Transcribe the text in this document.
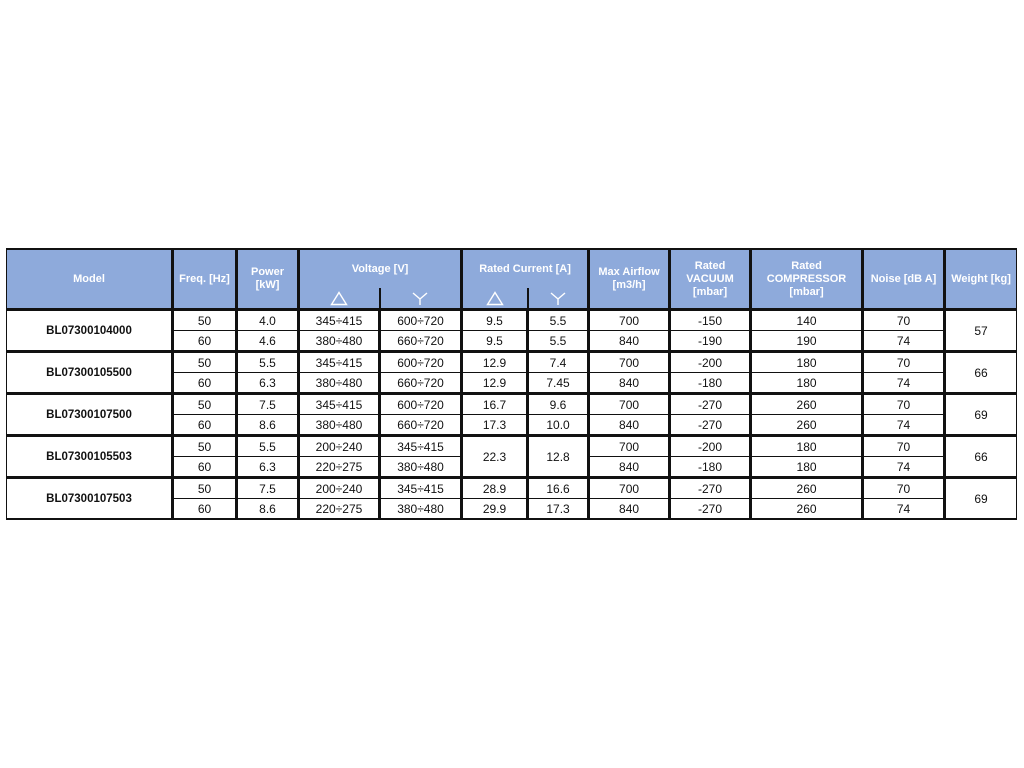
Model	Freq. [Hz]	Power [kW]	Voltage [V]		Rated Current [A]		Max Airflow [m3/h]	Rated VACUUM [mbar]	Rated COMPRESSOR [mbar]	Noise [dB A]	Weight [kg]

BL07300104000	50	4.0	345÷415	600÷720	9.5	5.5	700	-150	140	70	57
	60	4.6	380÷480	660÷720	9.5	5.5	840	-190	190	74	
BL07300105500	50	5.5	345÷415	600÷720	12.9	7.4	700	-200	180	70	66
	60	6.3	380÷480	660÷720	12.9	7.45	840	-180	180	74	
BL07300107500	50	7.5	345÷415	600÷720	16.7	9.6	700	-270	260	70	69
	60	8.6	380÷480	660÷720	17.3	10.0	840	-270	260	74	
BL07300105503	50	5.5	200÷240	345÷415	22.3	12.8	700	-200	180	70	66
	60	6.3	220÷275	380÷480			840	-180	180	74	
BL07300107503	50	7.5	200÷240	345÷415	28.9	16.6	700	-270	260	70	69
	60	8.6	220÷275	380÷480	29.9	17.3	840	-270	260	74	
